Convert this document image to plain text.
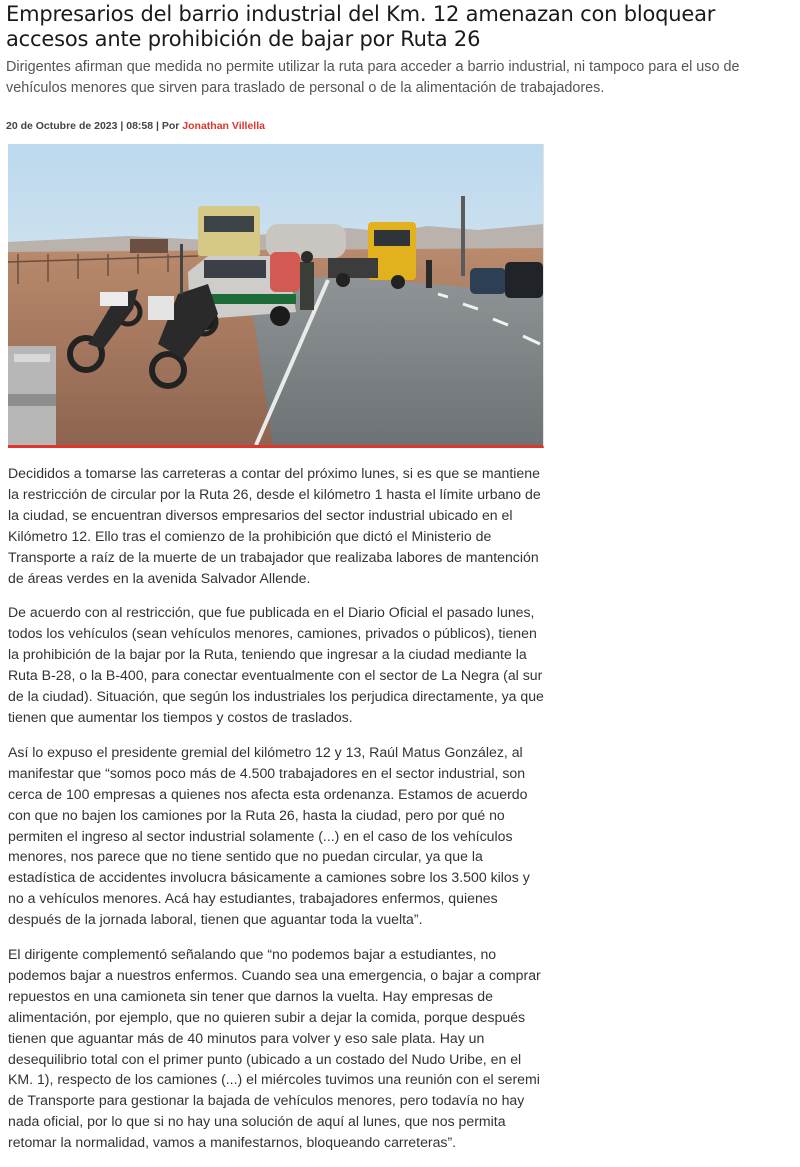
Empresarios del barrio industrial del Km. 12 amenazan con bloquear accesos ante prohibición de bajar por Ruta 26

Dirigentes afirman que medida no permite utilizar la ruta para acceder a barrio industrial, ni tampoco para el uso de vehículos menores que sirven para traslado de personal o de la alimentación de trabajadores.

20 de Octubre de 2023 | 08:58 | Por Jonathan Villella

Decididos a tomarse las carreteras a contar del próximo lunes, si es que se mantiene la restricción de circular por la Ruta 26, desde el kilómetro 1 hasta el límite urbano de la ciudad, se encuentran diversos empresarios del sector industrial ubicado en el Kilómetro 12. Ello tras el comienzo de la prohibición que dictó el Ministerio de Transporte a raíz de la muerte de un trabajador que realizaba labores de mantención de áreas verdes en la avenida Salvador Allende.

De acuerdo con al restricción, que fue publicada en el Diario Oficial el pasado lunes, todos los vehículos (sean vehículos menores, camiones, privados o públicos), tienen la prohibición de la bajar por la Ruta, teniendo que ingresar a la ciudad mediante la Ruta B-28, o la B-400, para conectar eventualmente con el sector de La Negra (al sur de la ciudad). Situación, que según los industriales los perjudica directamente, ya que tienen que aumentar los tiempos y costos de traslados.

Así lo expuso el presidente gremial del kilómetro 12 y 13, Raúl Matus González, al manifestar que “somos poco más de 4.500 trabajadores en el sector industrial, son cerca de 100 empresas a quienes nos afecta esta ordenanza. Estamos de acuerdo con que no bajen los camiones por la Ruta 26, hasta la ciudad, pero por qué no permiten el ingreso al sector industrial solamente (...) en el caso de los vehículos menores, nos parece que no tiene sentido que no puedan circular, ya que la estadística de accidentes involucra básicamente a camiones sobre los 3.500 kilos y no a vehículos menores. Acá hay estudiantes, trabajadores enfermos, quienes después de la jornada laboral, tienen que aguantar toda la vuelta”.

El dirigente complementó señalando que “no podemos bajar a estudiantes, no podemos bajar a nuestros enfermos. Cuando sea una emergencia, o bajar a comprar repuestos en una camioneta sin tener que darnos la vuelta. Hay empresas de alimentación, por ejemplo, que no quieren subir a dejar la comida, porque después tienen que aguantar más de 40 minutos para volver y eso sale plata. Hay un desequilibrio total con el primer punto (ubicado a un costado del Nudo Uribe, en el KM. 1), respecto de los camiones (...) el miércoles tuvimos una reunión con el seremi de Transporte para gestionar la bajada de vehículos menores, pero todavía no hay nada oficial, por lo que si no hay una solución de aquí al lunes, que nos permita retomar la normalidad, vamos a manifestarnos, bloqueando carreteras”.
